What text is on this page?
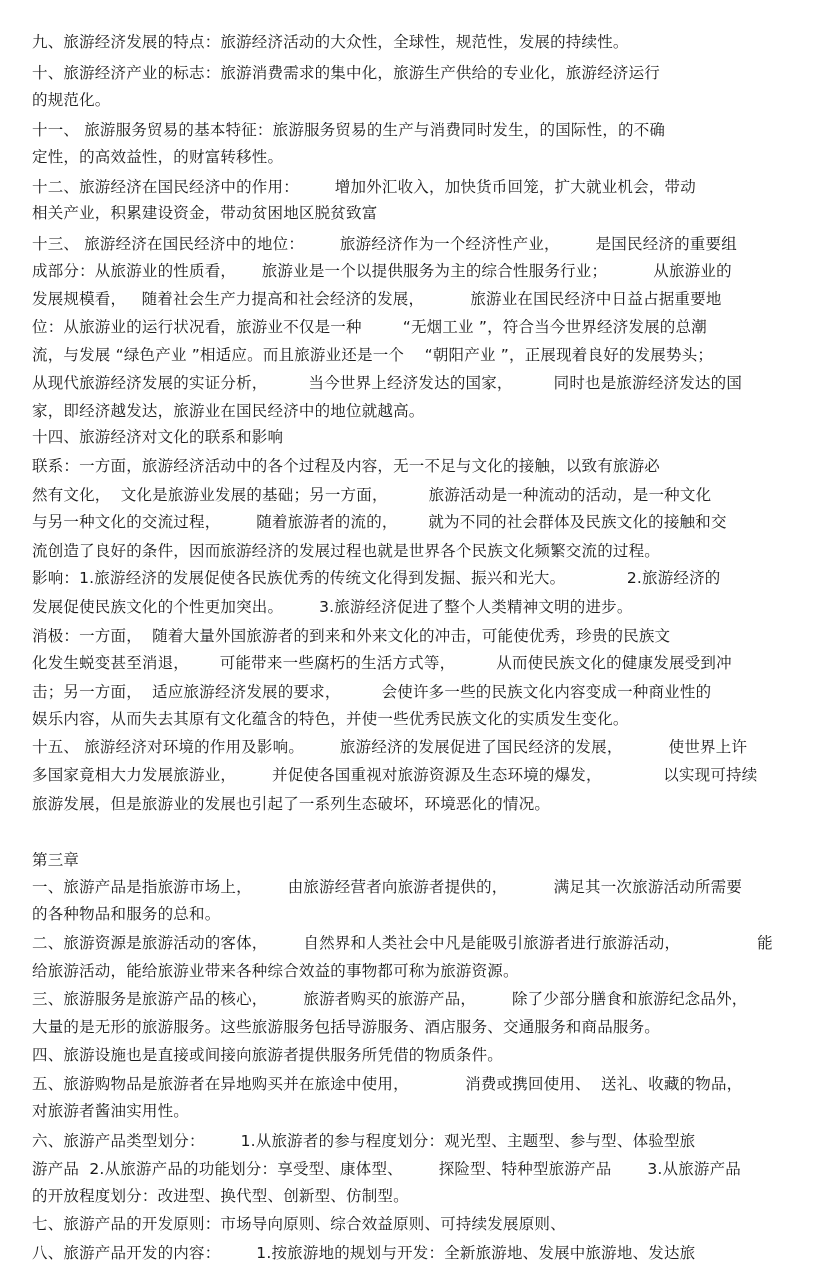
九、旅游经济发展的特点：旅游经济活动的大众性，全球性，规范性，发展的持续性。
十、旅游经济产业的标志：旅游消费需求的集中化，旅游生产供给的专业化，旅游经济运行
的规范化。
十一、 旅游服务贸易的基本特征：旅游服务贸易的生产与消费同时发生，的国际性，的不确
定性，的高效益性，的财富转移性。
十二、旅游经济在国民经济中的作用：       增加外汇收入，加快货币回笼，扩大就业机会，带动
相关产业，积累建设资金，带动贫困地区脱贫致富
十三、 旅游经济在国民经济中的地位：       旅游经济作为一个经济性产业，       是国民经济的重要组
成部分：从旅游业的性质看，     旅游业是一个以提供服务为主的综合性服务行业；         从旅游业的
发展规模看，   随着社会生产力提高和社会经济的发展，         旅游业在国民经济中日益占据重要地
位：从旅游业的运行状况看，旅游业不仅是一种        “无烟工业 ”，符合当今世界经济发展的总潮
流，与发展 “绿色产业 ”相适应。而且旅游业还是一个    “朝阳产业 ”，正展现着良好的发展势头；
从现代旅游经济发展的实证分析，        当今世界上经济发达的国家，        同时也是旅游经济发达的国
家，即经济越发达，旅游业在国民经济中的地位就越高。
十四、旅游经济对文化的联系和影响
联系：一方面，旅游经济活动中的各个过程及内容，无一不足与文化的接触，以致有旅游必
然有文化，  文化是旅游业发展的基础；另一方面，        旅游活动是一种流动的活动，是一种文化
与另一种文化的交流过程，       随着旅游者的流的，      就为不同的社会群体及民族文化的接触和交
流创造了良好的条件，因而旅游经济的发展过程也就是世界各个民族文化频繁交流的过程。
影响：1.旅游经济的发展促使各民族优秀的传统文化得到发掘、振兴和光大。            2.旅游经济的
发展促使民族文化的个性更加突出。       3.旅游经济促进了整个人类精神文明的进步。
消极：一方面，  随着大量外国旅游者的到来和外来文化的冲击，可能使优秀，珍贵的民族文
化发生蜕变甚至消退，      可能带来一些腐朽的生活方式等，        从而使民族文化的健康发展受到冲
击；另一方面，  适应旅游经济发展的要求，        会使许多一些的民族文化内容变成一种商业性的
娱乐内容，从而失去其原有文化蕴含的特色，并使一些优秀民族文化的实质发生变化。
十五、 旅游经济对环境的作用及影响。       旅游经济的发展促进了国民经济的发展，         使世界上许
多国家竟相大力发展旅游业，       并促使各国重视对旅游资源及生态环境的爆发，            以实现可持续
旅游发展，但是旅游业的发展也引起了一系列生态破坏，环境恶化的情况。
第三章
一、旅游产品是指旅游市场上，       由旅游经营者向旅游者提供的，         满足其一次旅游活动所需要
的各种物品和服务的总和。
二、旅游资源是旅游活动的客体，       自然界和人类社会中凡是能吸引旅游者进行旅游活动，               能
给旅游活动，能给旅游业带来各种综合效益的事物都可称为旅游资源。
三、旅游服务是旅游产品的核心，       旅游者购买的旅游产品，       除了少部分膳食和旅游纪念品外，
大量的是无形的旅游服务。这些旅游服务包括导游服务、酒店服务、交通服务和商品服务。
四、旅游设施也是直接或间接向旅游者提供服务所凭借的物质条件。
五、旅游购物品是旅游者在异地购买并在旅途中使用，           消费或携回使用、  送礼、收藏的物品，
对旅游者酱油实用性。
六、旅游产品类型划分：       1.从旅游者的参与程度划分：观光型、主题型、参与型、体验型旅
游产品  2.从旅游产品的功能划分：享受型、康体型、       探险型、特种型旅游产品       3.从旅游产品
的开放程度划分：改进型、换代型、创新型、仿制型。
七、旅游产品的开发原则：市场导向原则、综合效益原则、可持续发展原则、
八、旅游产品开发的内容：       1.按旅游地的规划与开发：全新旅游地、发展中旅游地、发达旅
